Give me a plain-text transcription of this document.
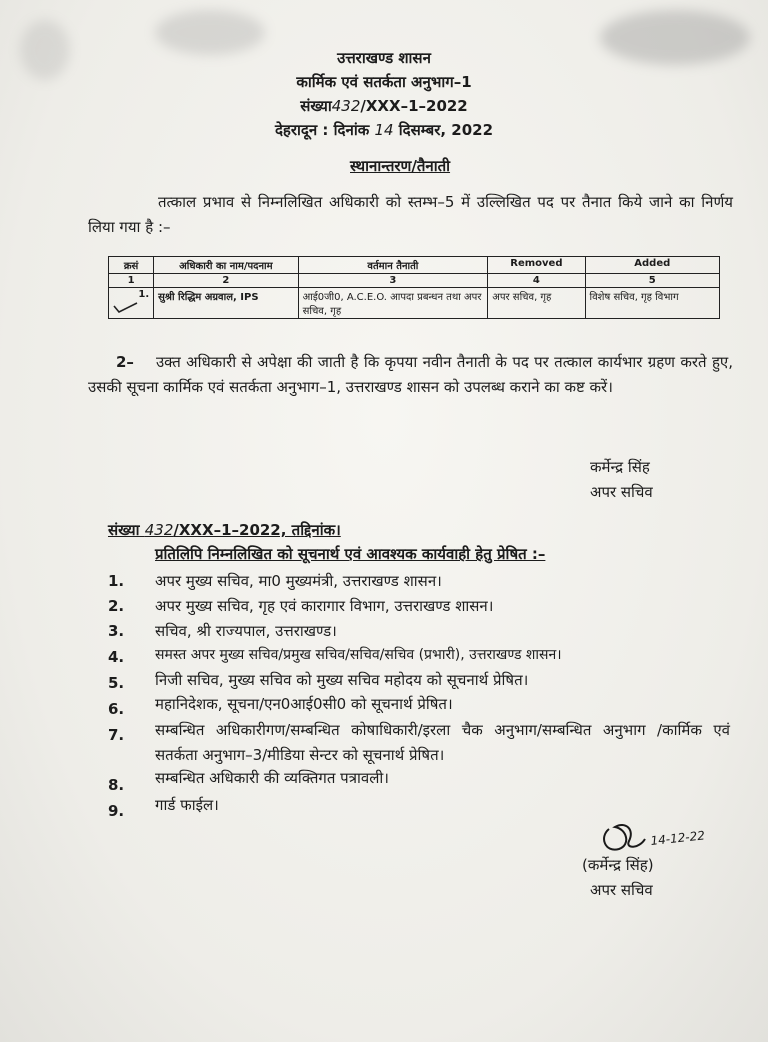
उत्तराखण्ड शासन
कार्मिक एवं सतर्कता अनुभाग–1
संख्या432/XXX–1–2022
देहरादून : दिनांक 14 दिसम्बर, 2022
स्थानान्तरण/तैनाती
तत्काल प्रभाव से निम्नलिखित अधिकारी को स्तम्भ–5 में उल्लिखित पद पर तैनात किये जाने का निर्णय लिया गया है :–
क्रसं	अधिकारी का नाम/पदनाम	वर्तमान तैनाती	Removed	Added
1	2	3	4	5
1.	सुश्री रिद्धिम अग्रवाल, IPS	आई0जी0, A.C.E.O. आपदा प्रबन्धन तथा अपर सचिव, गृह	अपर सचिव, गृह	विशेष सचिव, गृह विभाग
2– उक्त अधिकारी से अपेक्षा की जाती है कि कृपया नवीन तैनाती के पद पर तत्काल कार्यभार ग्रहण करते हुए, उसकी सूचना कार्मिक एवं सतर्कता अनुभाग–1, उत्तराखण्ड शासन को उपलब्ध कराने का कष्ट करें।
कर्मेन्द्र सिंह
अपर सचिव
संख्या 432/XXX–1–2022, तद्दिनांक।
प्रतिलिपि निम्नलिखित को सूचनार्थ एवं आवश्यक कार्यवाही हेतु प्रेषित :–
1. अपर मुख्य सचिव, मा0 मुख्यमंत्री, उत्तराखण्ड शासन।
2. अपर मुख्य सचिव, गृह एवं कारागार विभाग, उत्तराखण्ड शासन।
3. सचिव, श्री राज्यपाल, उत्तराखण्ड।
4. समस्त अपर मुख्य सचिव/प्रमुख सचिव/सचिव/सचिव (प्रभारी), उत्तराखण्ड शासन।
5. निजी सचिव, मुख्य सचिव को मुख्य सचिव महोदय को सूचनार्थ प्रेषित।
6. महानिदेशक, सूचना/एन0आई0सी0 को सूचनार्थ प्रेषित।
7. सम्बन्धित अधिकारीगण/सम्बन्धित कोषाधिकारी/इरला चैक अनुभाग/सम्बन्धित अनुभाग /कार्मिक एवं सतर्कता अनुभाग–3/मीडिया सेन्टर को सूचनार्थ प्रेषित।
8. सम्बन्धित अधिकारी की व्यक्तिगत पत्रावली।
9. गार्ड फाईल।
14-12-22
(कर्मेन्द्र सिंह)
अपर सचिव
